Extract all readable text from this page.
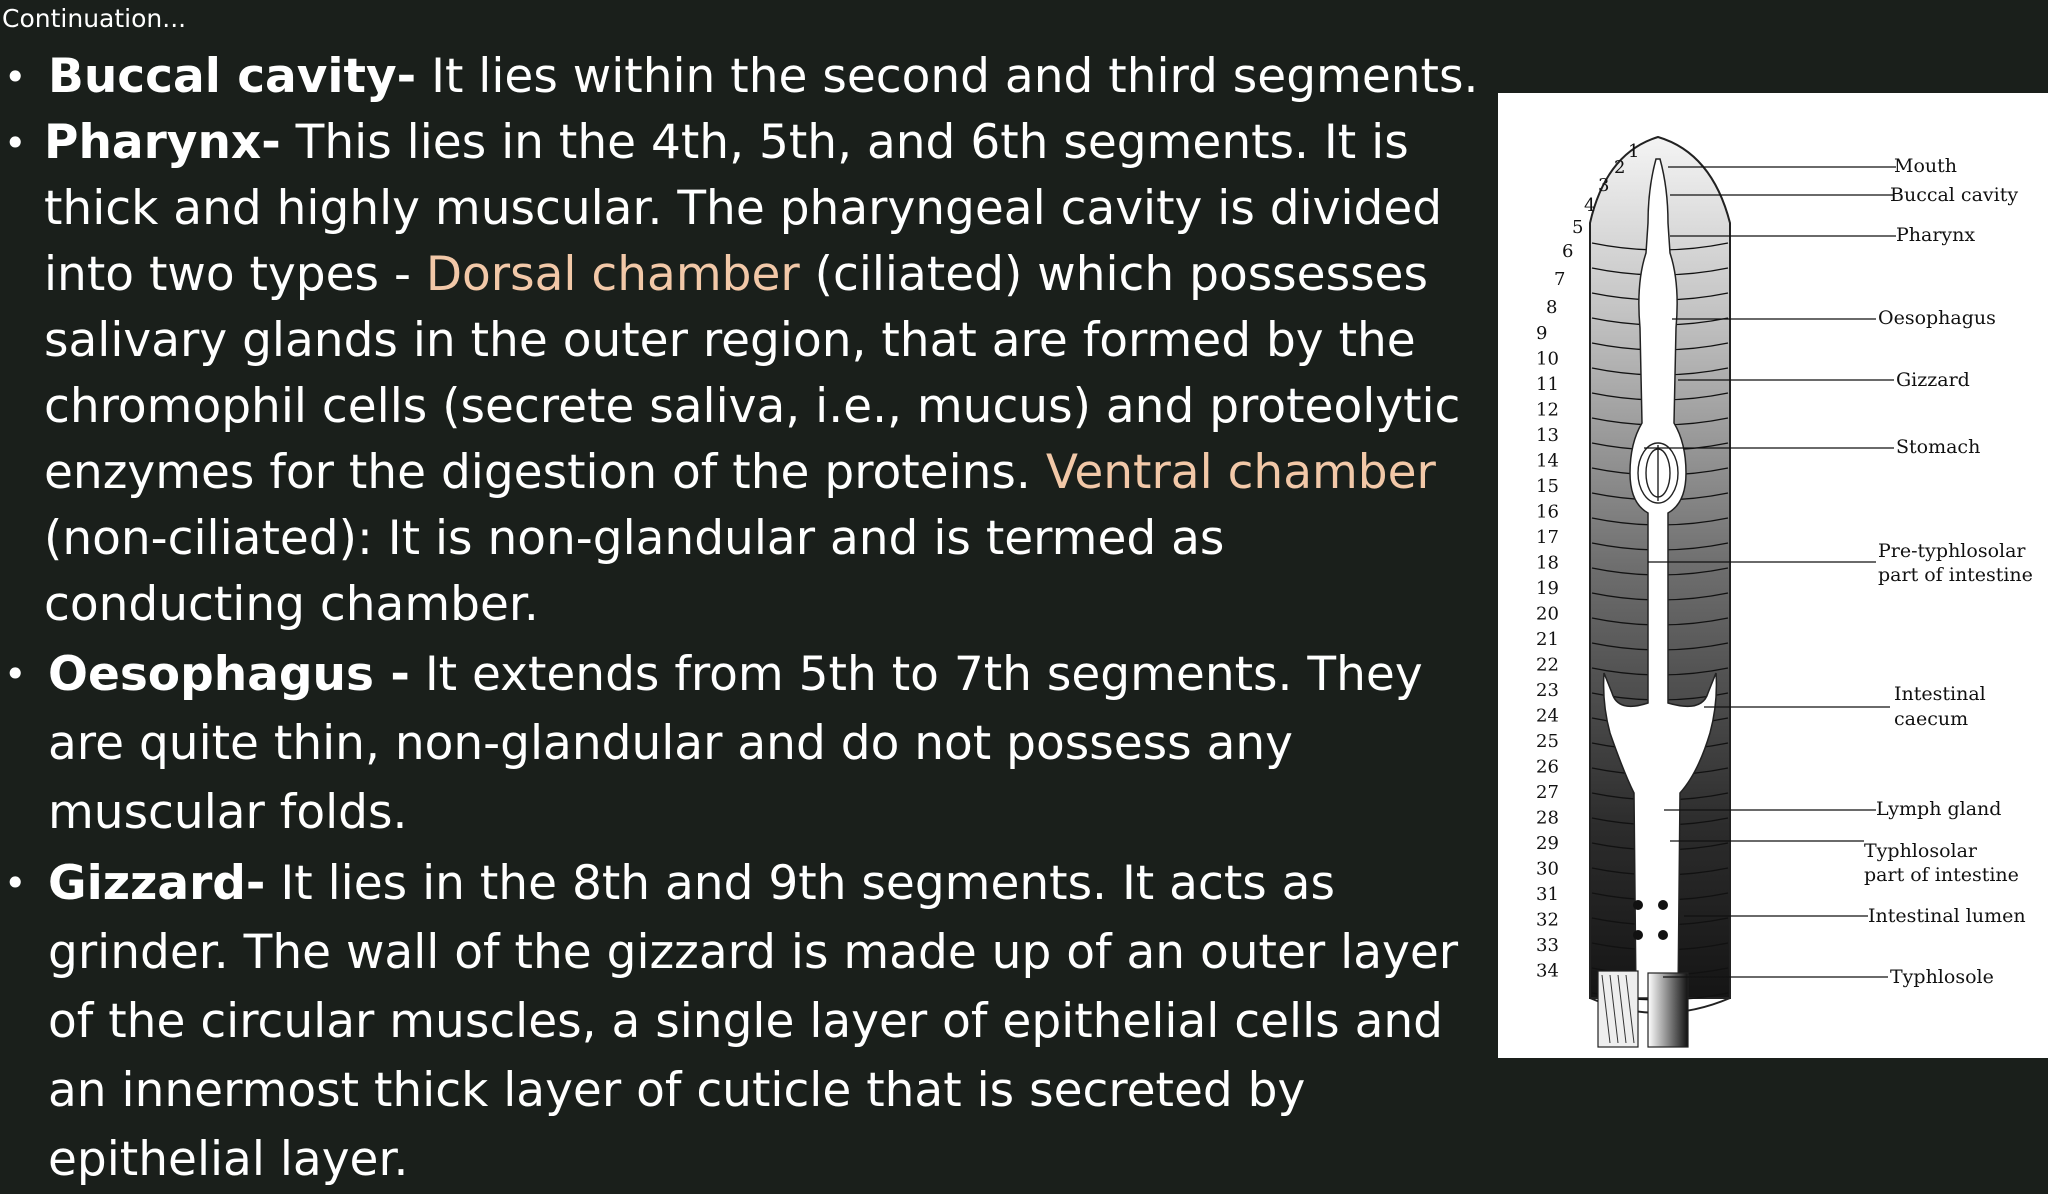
Continuation...
• Buccal cavity- It lies within the second and third segments.
• Pharynx- This lies in the 4th, 5th, and 6th segments. It is thick and highly muscular. The pharyngeal cavity is divided into two types - Dorsal chamber (ciliated) which possesses salivary glands in the outer region, that are formed by the chromophil cells (secrete saliva, i.e., mucus) and proteolytic enzymes for the digestion of the proteins. Ventral chamber (non-ciliated): It is non-glandular and is termed as conducting chamber.
• Oesophagus - It extends from 5th to 7th segments. They are quite thin, non-glandular and do not possess any muscular folds.
• Gizzard- It lies in the 8th and 9th segments. It acts as grinder. The wall of the gizzard is made up of an outer layer of the circular muscles, a single layer of epithelial cells and an innermost thick layer of cuticle that is secreted by epithelial layer.
1
2
3
4
5
6
7
8
9
10
11
12
13
14
15
16
17
18
19
20
21
22
23
24
25
26
27
28
29
30
31
32
33
34
Mouth
Buccal cavity
Pharynx
Oesophagus
Gizzard
Stomach
Pre-typhlosolar
part of intestine
Intestinal
caecum
Lymph gland
Typhlosolar
part of intestine
Intestinal lumen
Typhlosole
